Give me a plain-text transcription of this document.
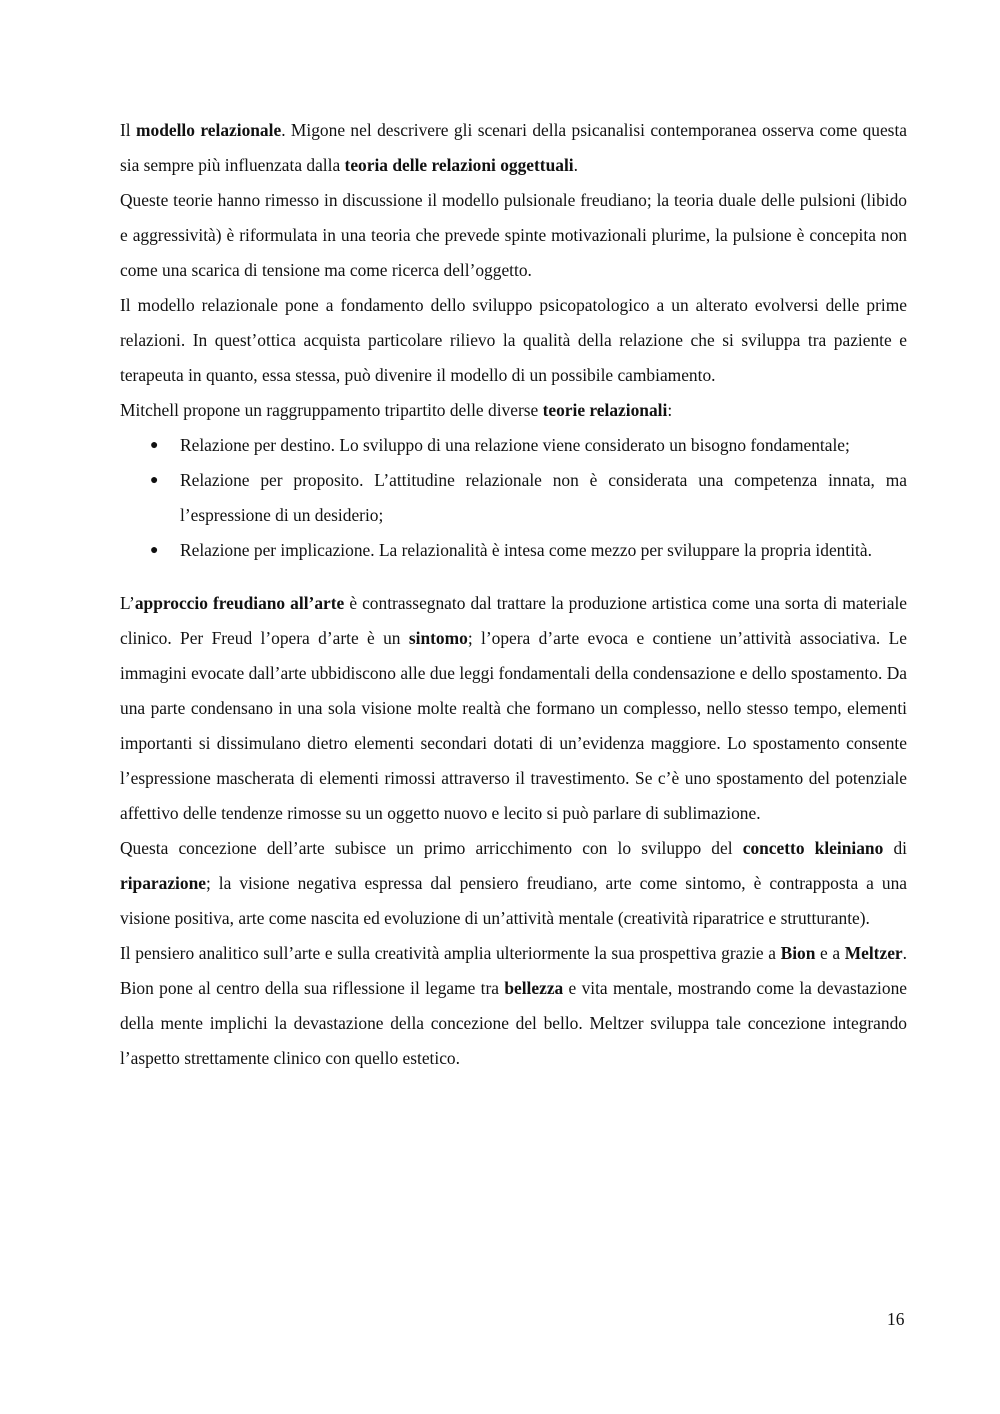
Il modello relazionale. Migone nel descrivere gli scenari della psicanalisi contemporanea osserva come questa sia sempre più influenzata dalla teoria delle relazioni oggettuali.

Queste teorie hanno rimesso in discussione il modello pulsionale freudiano; la teoria duale delle pulsioni (libido e aggressività) è riformulata in una teoria che prevede spinte motivazionali plurime, la pulsione è concepita non come una scarica di tensione ma come ricerca dell’oggetto.

Il modello relazionale pone a fondamento dello sviluppo psicopatologico a un alterato evolversi delle prime relazioni. In quest’ottica acquista particolare rilievo la qualità della relazione che si sviluppa tra paziente e terapeuta in quanto, essa stessa, può divenire il modello di un possibile cambiamento.

Mitchell propone un raggruppamento tripartito delle diverse teorie relazionali:

● Relazione per destino. Lo sviluppo di una relazione viene considerato un bisogno fondamentale;
● Relazione per proposito. L’attitudine relazionale non è considerata una competenza innata, ma l’espressione di un desiderio;
● Relazione per implicazione. La relazionalità è intesa come mezzo per sviluppare la propria identità.

L’approccio freudiano all’arte è contrassegnato dal trattare la produzione artistica come una sorta di materiale clinico. Per Freud l’opera d’arte è un sintomo; l’opera d’arte evoca e contiene un’attività associativa. Le immagini evocate dall’arte ubbidiscono alle due leggi fondamentali della condensazione e dello spostamento. Da una parte condensano in una sola visione molte realtà che formano un complesso, nello stesso tempo, elementi importanti si dissimulano dietro elementi secondari dotati di un’evidenza maggiore. Lo spostamento consente l’espressione mascherata di elementi rimossi attraverso il travestimento. Se c’è uno spostamento del potenziale affettivo delle tendenze rimosse su un oggetto nuovo e lecito si può parlare di sublimazione.

Questa concezione dell’arte subisce un primo arricchimento con lo sviluppo del concetto kleiniano di riparazione; la visione negativa espressa dal pensiero freudiano, arte come sintomo, è contrapposta a una visione positiva, arte come nascita ed evoluzione di un’attività mentale (creatività riparatrice e strutturante).

Il pensiero analitico sull’arte e sulla creatività amplia ulteriormente la sua prospettiva grazie a Bion e a Meltzer. Bion pone al centro della sua riflessione il legame tra bellezza e vita mentale, mostrando come la devastazione della mente implichi la devastazione della concezione del bello. Meltzer sviluppa tale concezione integrando l’aspetto strettamente clinico con quello estetico.

16
